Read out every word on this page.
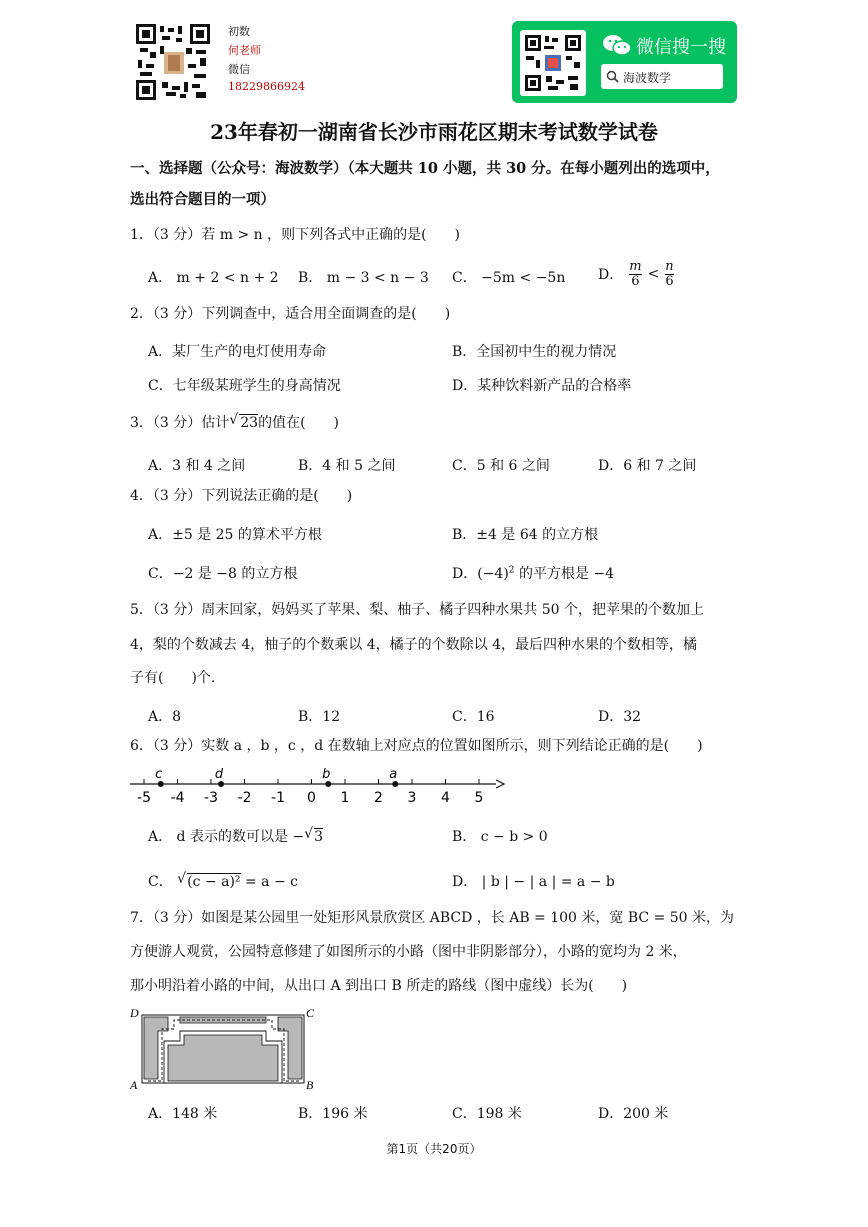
初数
何老师
微信
18229866924
微信搜一搜
海波数学
23年春初一湖南省长沙市雨花区期末考试数学试卷
一、选择题（公众号：海波数学）（本大题共 10 小题，共 30 分。在每小题列出的选项中，
选出符合题目的一项）
1．（3 分）若 m > n ，则下列各式中正确的是(　　)
A． m + 2 < n + 2 B． m − 3 < n − 3 C． −5m < −5n D． $\frac{m}{6} < \frac{n}{6}$
2．（3 分）下列调查中，适合用全面调查的是(　　)
A．某厂生产的电灯使用寿命	B．全国初中生的视力情况
C．七年级某班学生的身高情况	D．某种饮料新产品的合格率
3．（3 分）估计 √ 23的值在(　　)
A．3 和 4 之间	B．4 和 5 之间	C．5 和 6 之间	D．6 和 7 之间
4．（3 分）下列说法正确的是(　　)
A．±5 是 25 的算术平方根	B．±4 是 64 的立方根
C．−2 是 −8 的立方根	D．$(-4)^2$ 的平方根是 −4
5．（3 分）周末回家，妈妈买了苹果、梨、柚子、橘子四种水果共 50 个，把苹果的个数加上
4，梨的个数减去 4，柚子的个数乘以 4，橘子的个数除以 4，最后四种水果的个数相等，橘
子有(　　)个.
A．8	B．12	C．16	D．32
6．（3 分）实数 a ，b ，c ，d 在数轴上对应点的位置如图所示，则下列结论正确的是(　　)
-5 -4 -3 -2 -1 0 1 2 3 4 5
c	d	b	a
A． d 表示的数可以是 − √ 3	B． c − b > 0
C． √ (c − a)² = a − c	D． | b | − | a | = a − b
7．（3 分）如图是某公园里一处矩形风景欣赏区 ABCD ，长 AB = 100 米，宽 BC = 50 米，为
方便游人观赏，公园特意修建了如图所示的小路（图中非阴影部分），小路的宽均为 2 米，
那小明沿着小路的中间，从出口 A 到出口 B 所走的路线（图中虚线）长为(　　)
D	C
A	B
A．148 米	B．196 米	C．198 米	D．200 米
第1页（共20页）
